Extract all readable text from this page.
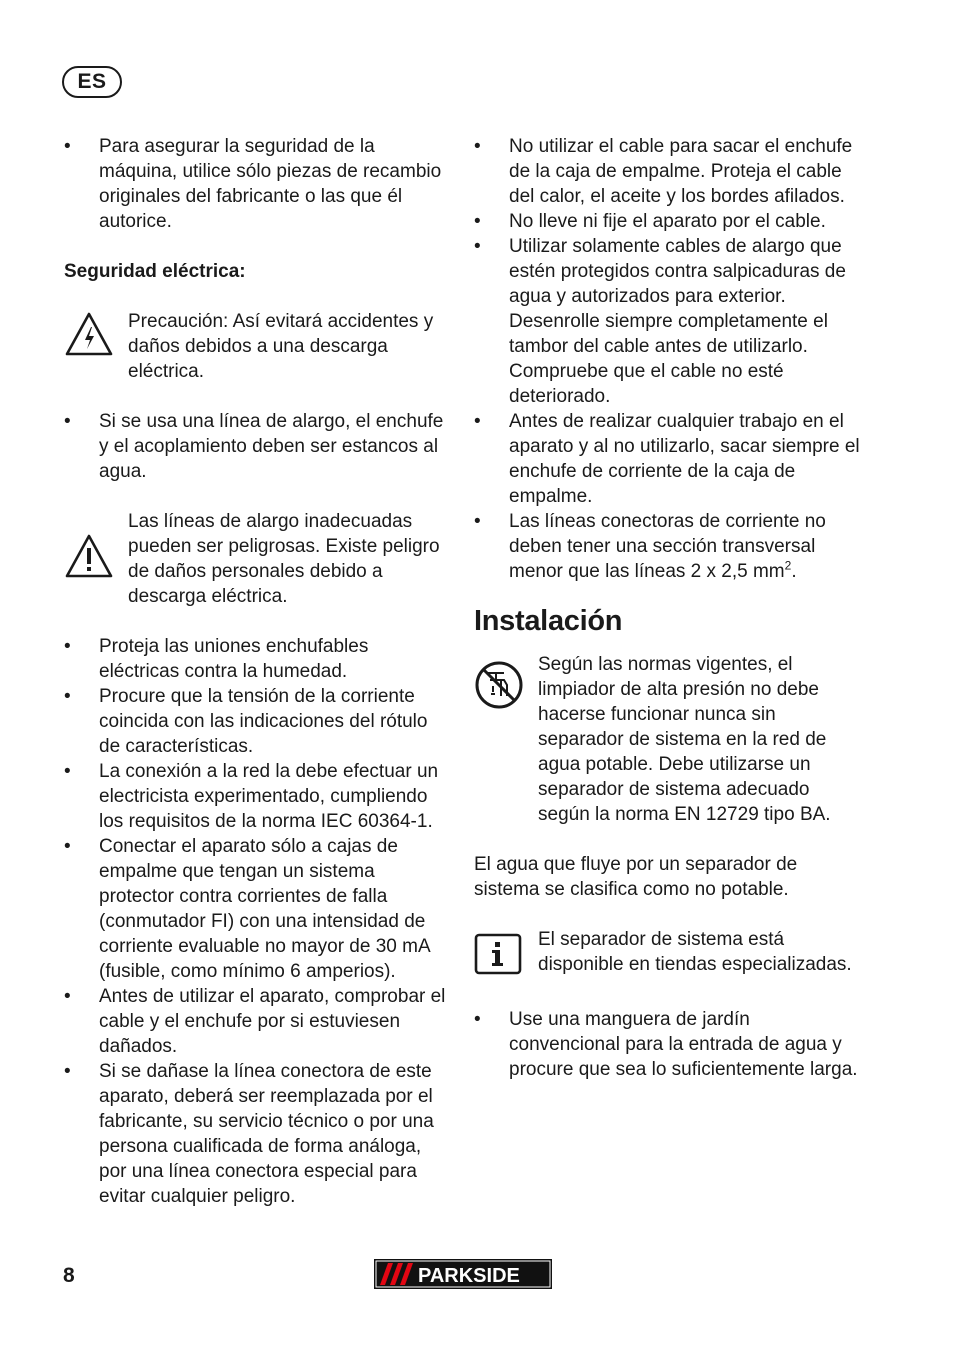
ES
• Para asegurar la seguridad de la máquina, utilice sólo piezas de recambio originales del fabricante o las que él autorice.
Seguridad eléctrica:
Precaución: Así evitará accidentes y daños debidos a una descarga eléctrica.
• Si se usa una línea de alargo, el enchufe y el acoplamiento deben ser estancos al agua.
Las líneas de alargo inadecuadas pueden ser peligrosas. Existe peligro de daños personales debido a descarga eléctrica.
• Proteja las uniones enchufables eléctricas contra la humedad.
• Procure que la tensión de la corriente coincida con las indicaciones del rótulo de características.
• La conexión a la red la debe efectuar un electricista experimentado, cumpliendo los requisitos de la norma IEC 60364-1.
• Conectar el aparato sólo a cajas de empalme que tengan un sistema protector contra corrientes de falla (conmutador FI) con una intensidad de corriente evaluable no mayor de 30 mA (fusible, como mínimo 6 amperios).
• Antes de utilizar el aparato, comprobar el cable y el enchufe por si estuviesen dañados.
• Si se dañase la línea conectora de este aparato, deberá ser reemplazada por el fabricante, su servicio técnico o por una persona cualificada de forma análoga, por una línea conectora especial para evitar cualquier peligro.
• No utilizar el cable para sacar el enchufe de la caja de empalme. Proteja el cable del calor, el aceite y los bordes afilados.
• No lleve ni fije el aparato por el cable.
• Utilizar solamente cables de alargo que estén protegidos contra salpicaduras de agua y autorizados para exterior. Desenrolle siempre completamente el tambor del cable antes de utilizarlo. Compruebe que el cable no esté deteriorado.
• Antes de realizar cualquier trabajo en el aparato y al no utilizarlo, sacar siempre el enchufe de corriente de la caja de empalme.
• Las líneas conectoras de corriente no deben tener una sección transversal menor que las líneas 2 x 2,5 $mm^2$.
Instalación
Según las normas vigentes, el limpiador de alta presión no debe hacerse funcionar nunca sin separador de sistema en la red de agua potable. Debe utilizarse un separador de sistema adecuado según la norma EN 12729 tipo BA.

El agua que fluye por un separador de sistema se clasifica como no potable.

El separador de sistema está disponible en tiendas especializadas.
• Use una manguera de jardín convencional para la entrada de agua y procure que sea lo suficientemente larga.
8	PARKSIDE
